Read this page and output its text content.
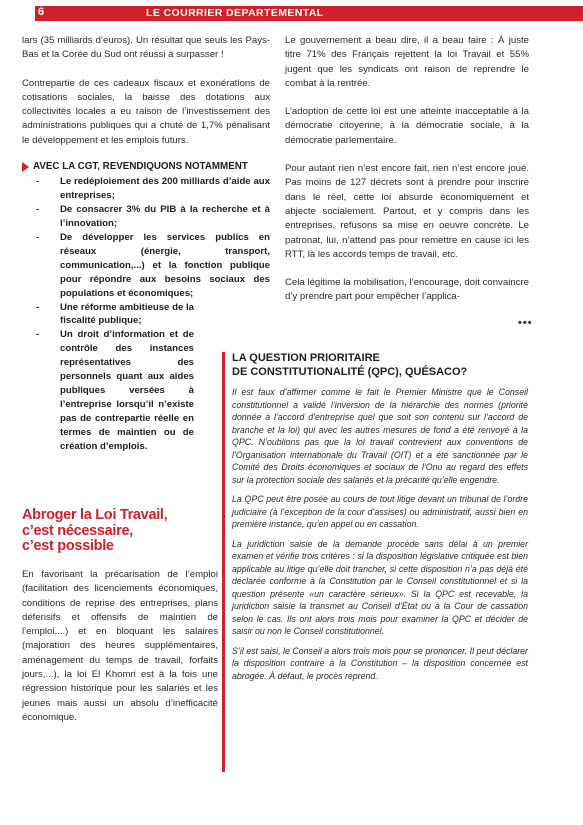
6	LE COURRIER DEPARTEMENTAL

lars (35 milliards d’euros). Un résultat que seuls les Pays-Bas et la Corée du Sud ont réussi à surpasser !

Contrepartie de ces cadeaux fiscaux et exonérations de cotisations sociales, la baisse des dotations aux collectivités locales a eu raison de l’investissement des administrations publiques qui a chuté de 1,7% pénalisant le développement et les emplois futurs.

AVEC LA CGT, REVENDIQUONS NOTAMMENT
- Le redéploiement des 200 milliards d’aide aux entreprises;
- De consacrer 3% du PIB à la recherche et à l’innovation;
- De développer les services publics en réseaux (énergie, transport, communication,...) et la fonction publique pour répondre aux besoins sociaux des populations et économiques;
- Une réforme ambitieuse de la fiscalité publique;
- Un droit d’information et de contrôle des instances représentatives des personnels quant aux aides publiques versées à l’entreprise lorsqu’il n’existe pas de contrepartie réelle en termes de maintien ou de création d’emplois.
Abroger la Loi Travail,
c’est nécessaire,
c’est possible

En favorisant la précarisation de l’emploi (facilitation des licenciements économiques, conditions de reprise des entreprises, plans défensifs et offensifs de maintien de l’emploi,...) et en bloquant les salaires (majoration des heures supplémentaires, aménagement du temps de travail, forfaits jours,...), la loi El Khomri est à la fois une régression historique pour les salariés et les jeunes mais aussi un absolu d’inefficacité économique.

Le gouvernement a beau dire, il a beau faire : À juste titre 71% des Français rejettent la loi Travail et 55% jugent que les syndicats ont raison de reprendre le combat à la rentrée.

L’adoption de cette loi est une atteinte inacceptable à la démocratie citoyenne, à la démocratie sociale, à la démocratie parlementaire.

Pour autant rien n’est encore fait, rien n’est encore joué. Pas moins de 127 décrets sont à prendre pour inscrire dans le réel, cette loi absurde économiquement et abjecte socialement. Partout, et y compris dans les entreprises, refusons sa mise en oeuvre concrète. Le patronat, lui, n’attend pas pour remettre en cause ici les RTT, là les accords temps de travail, etc.

Cela légitime la mobilisation, l’encourage, doit convaincre d’y prendre part pour empêcher l’applica-

•••
LA QUESTION PRIORITAIRE
DE CONSTITUTIONALITÉ (QPC), QUÉSACO?

Il est faux d’affirmer comme le fait le Premier Ministre que le Conseil constitutionnel a validé l’inversion de la hiérarchie des normes (priorité donnée à l’accord d’entreprise quel que soit son contenu sur l’accord de branche et la loi) qui avec les autres mesures de fond a été renvoyé à la QPC. N’oublions pas que la loi travail contrevient aux conventions de l’Organisation internationale du Travail (OIT) et a été sanctionnée par le Comité des Droits économiques et sociaux de l’Onu au regard des effets sur la protection sociale des salariés et la précarité qu’elle engendre.

La QPC peut être posée au cours de tout litige devant un tribunal de l’ordre judiciaire (à l’exception de la cour d’assises) ou administratif, aussi bien en première instance, qu’en appel ou en cassation.

La juridiction saisie de la demande procède sans délai à un premier examen et vérifie trois critères : si la disposition législative critiquée est bien applicable au litige qu’elle doit trancher, si cette disposition n’a pas déjà été déclarée conforme à la Constitution par le Conseil constitutionnel et si la question présente «un caractère sérieux». Si la QPC est recevable, la juridiction saisie la transmet au Conseil d’État ou à la Cour de cassation selon le cas. Ils ont alors trois mois pour examiner la QPC et décider de saisir ou non le Conseil constitutionnel.

S’il est saisi, le Conseil a alors trois mois pour se prononcer. Il peut déclarer la disposition contraire à la Constitution – la disposition concernée est abrogée. À défaut, le procès reprend.
